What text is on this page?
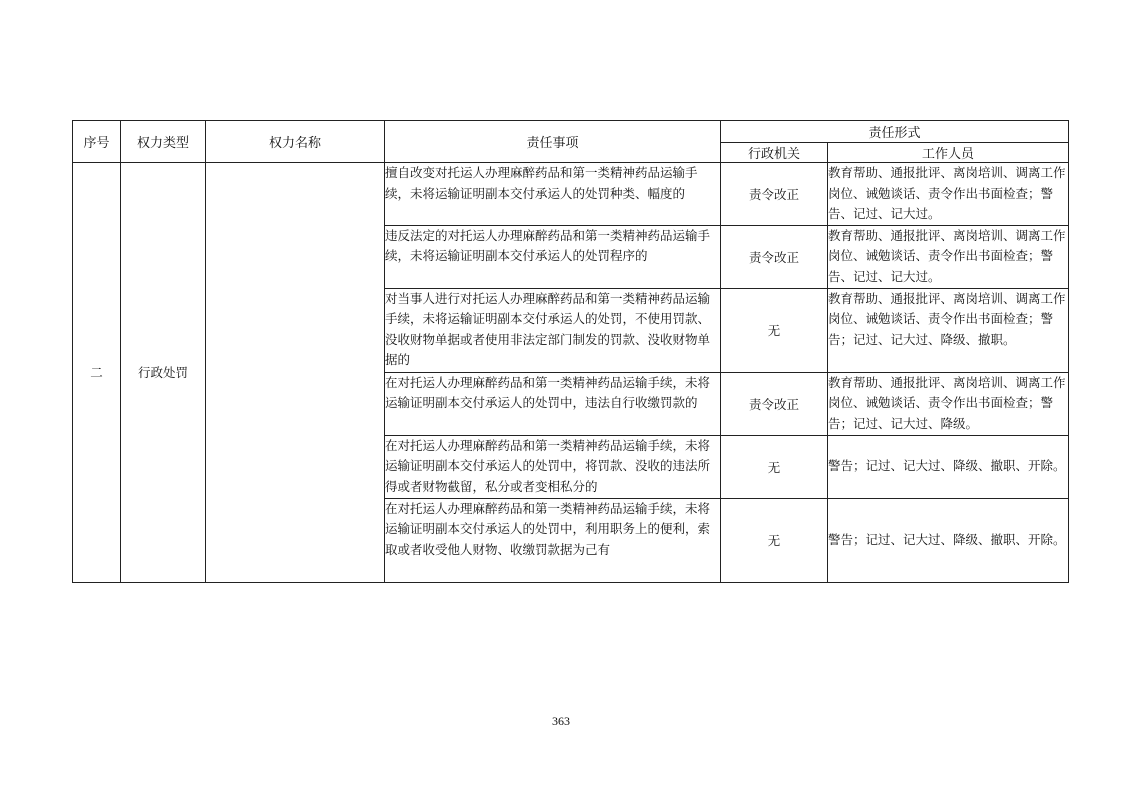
序号	权力类型	权力名称	责任事项	责任形式	
				行政机关	工作人员
二	行政处罚		擅自改变对托运人办理麻醉药品和第一类精神药品运输手续，未将运输证明副本交付承运人的处罚种类、幅度的	责令改正	教育帮助、通报批评、离岗培训、调离工作岗位、诫勉谈话、责令作出书面检查；警告、记过、记大过。
			违反法定的对托运人办理麻醉药品和第一类精神药品运输手续，未将运输证明副本交付承运人的处罚程序的	责令改正	教育帮助、通报批评、离岗培训、调离工作岗位、诫勉谈话、责令作出书面检查；警告、记过、记大过。
			对当事人进行对托运人办理麻醉药品和第一类精神药品运输手续，未将运输证明副本交付承运人的处罚，不使用罚款、没收财物单据或者使用非法定部门制发的罚款、没收财物单据的	无	教育帮助、通报批评、离岗培训、调离工作岗位、诫勉谈话、责令作出书面检查；警告；记过、记大过、降级、撤职。
			在对托运人办理麻醉药品和第一类精神药品运输手续，未将运输证明副本交付承运人的处罚中，违法自行收缴罚款的	责令改正	教育帮助、通报批评、离岗培训、调离工作岗位、诫勉谈话、责令作出书面检查；警告；记过、记大过、降级。
			在对托运人办理麻醉药品和第一类精神药品运输手续，未将运输证明副本交付承运人的处罚中，将罚款、没收的违法所得或者财物截留，私分或者变相私分的	无	警告；记过、记大过、降级、撤职、开除。
			在对托运人办理麻醉药品和第一类精神药品运输手续，未将运输证明副本交付承运人的处罚中，利用职务上的便利，索取或者收受他人财物、收缴罚款据为己有	无	警告；记过、记大过、降级、撤职、开除。
363
